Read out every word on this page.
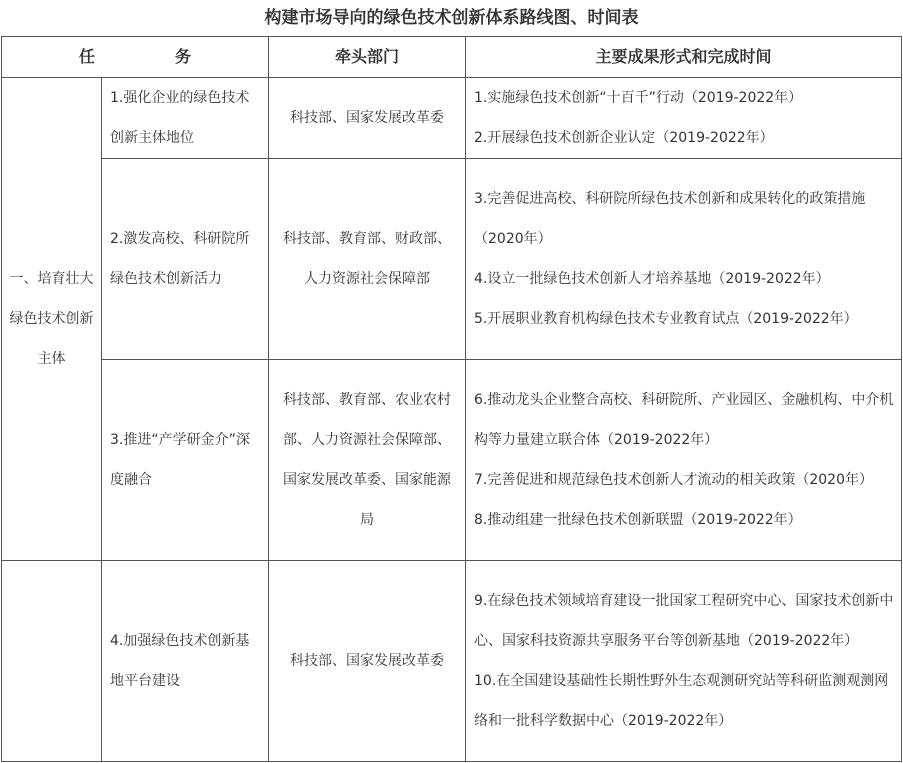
构建市场导向的绿色技术创新体系路线图、时间表
任 务		牵头部门	主要成果形式和完成时间
一、培育壮大绿色技术创新主体	1.强化企业的绿色技术创新主体地位	科技部、国家发展改革委	1.实施绿色技术创新“十百千”行动（2019-2022年）

2.开展绿色技术创新企业认定（2019-2022年）

	2.激发高校、科研院所绿色技术创新活力	科技部、教育部、财政部、人力资源社会保障部	3.完善促进高校、科研院所绿色技术创新和成果转化的政策措施（2020年）

4.设立一批绿色技术创新人才培养基地（2019-2022年）

5.开展职业教育机构绿色技术专业教育试点（2019-2022年）

	3.推进“产学研金介”深度融合	科技部、教育部、农业农村部、人力资源社会保障部、国家发展改革委、国家能源局	6.推动龙头企业整合高校、科研院所、产业园区、金融机构、中介机构等力量建立联合体（2019-2022年）

7.完善促进和规范绿色技术创新人才流动的相关政策（2020年）

8.推动组建一批绿色技术创新联盟（2019-2022年）

	4.加强绿色技术创新基地平台建设	科技部、国家发展改革委	9.在绿色技术领域培育建设一批国家工程研究中心、国家技术创新中心、国家科技资源共享服务平台等创新基地（2019-2022年）

10.在全国建设基础性长期性野外生态观测研究站等科研监测观测网络和一批科学数据中心（2019-2022年）
